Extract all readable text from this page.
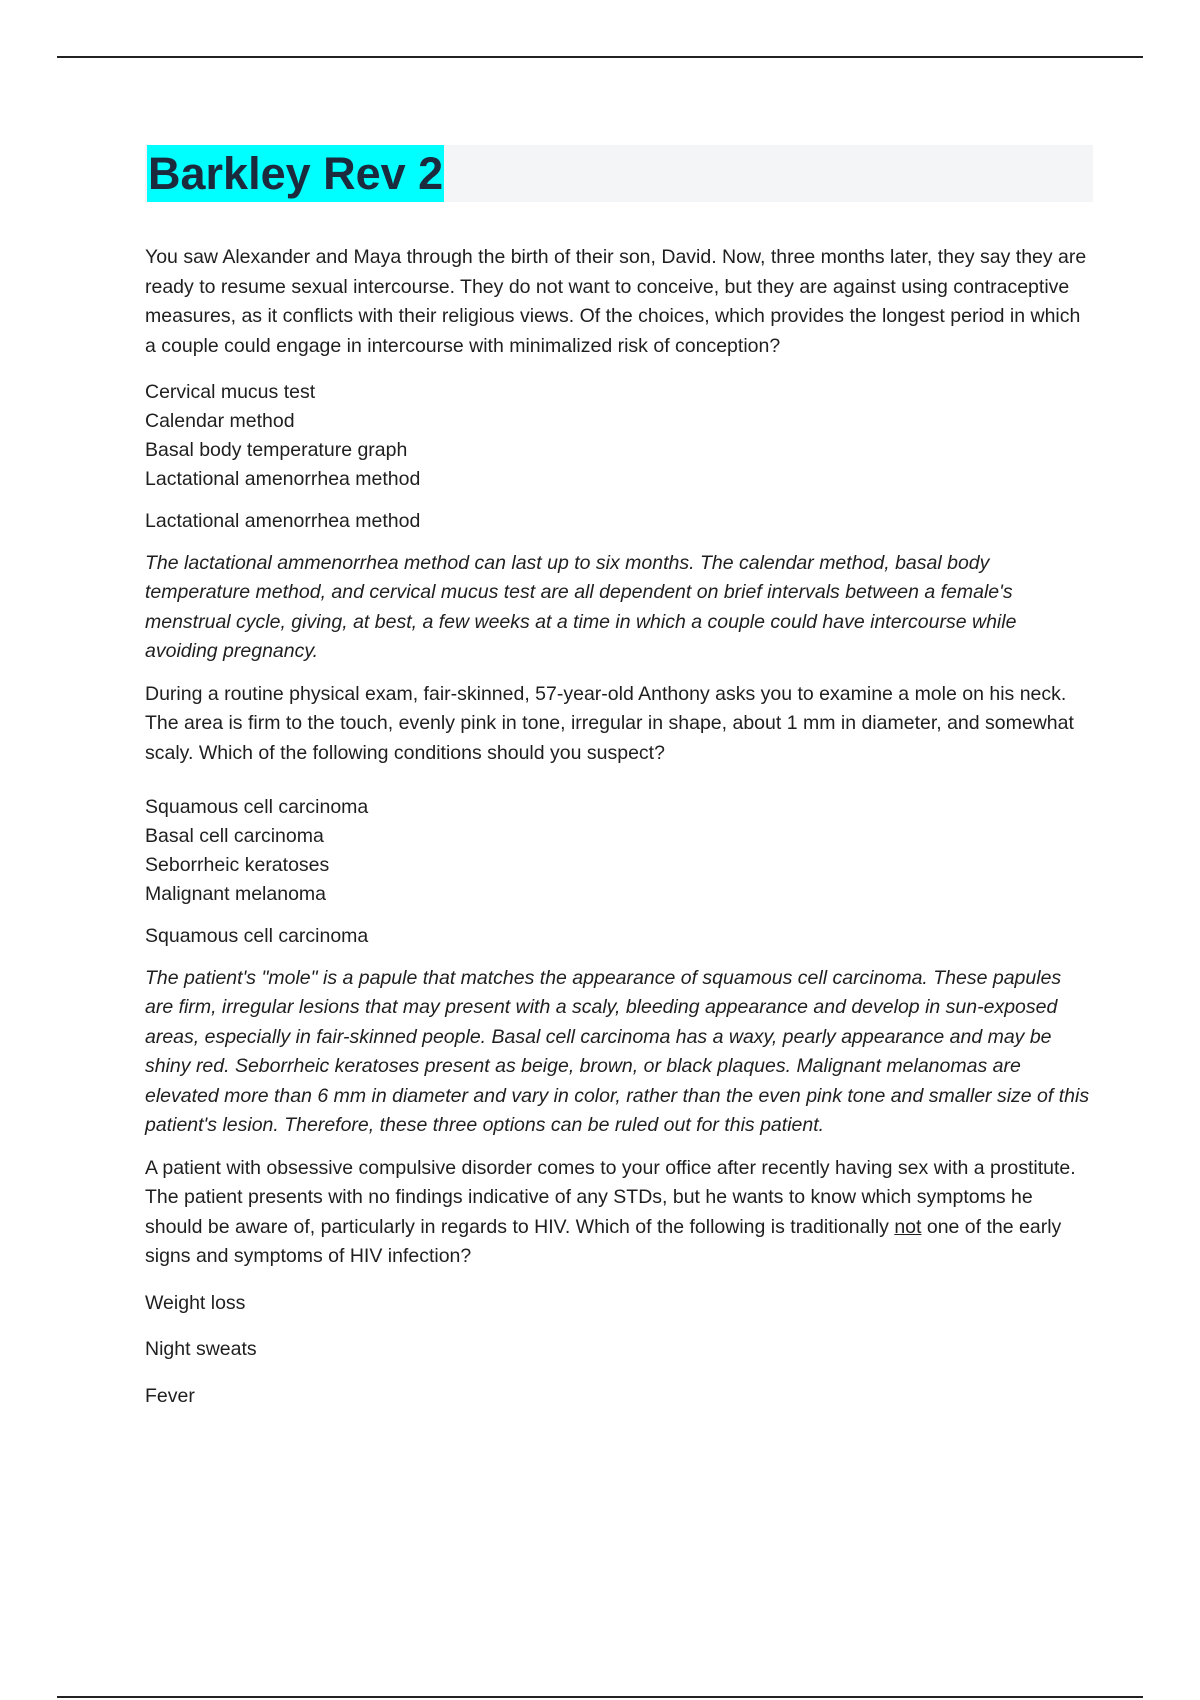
Barkley Rev 2

You saw Alexander and Maya through the birth of their son, David. Now, three months later, they say they are ready to resume sexual intercourse. They do not want to conceive, but they are against using contraceptive measures, as it conflicts with their religious views. Of the choices, which provides the longest period in which a couple could engage in intercourse with minimalized risk of conception?

Cervical mucus test
Calendar method
Basal body temperature graph
Lactational amenorrhea method

Lactational amenorrhea method

The lactational ammenorrhea method can last up to six months. The calendar method, basal body temperature method, and cervical mucus test are all dependent on brief intervals between a female's menstrual cycle, giving, at best, a few weeks at a time in which a couple could have intercourse while avoiding pregnancy.

During a routine physical exam, fair-skinned, 57-year-old Anthony asks you to examine a mole on his neck. The area is firm to the touch, evenly pink in tone, irregular in shape, about 1 mm in diameter, and somewhat scaly. Which of the following conditions should you suspect?

Squamous cell carcinoma
Basal cell carcinoma
Seborrheic keratoses
Malignant melanoma

Squamous cell carcinoma

The patient's "mole" is a papule that matches the appearance of squamous cell carcinoma. These papules are firm, irregular lesions that may present with a scaly, bleeding appearance and develop in sun-exposed areas, especially in fair-skinned people. Basal cell carcinoma has a waxy, pearly appearance and may be shiny red. Seborrheic keratoses present as beige, brown, or black plaques. Malignant melanomas are elevated more than 6 mm in diameter and vary in color, rather than the even pink tone and smaller size of this patient's lesion. Therefore, these three options can be ruled out for this patient.

A patient with obsessive compulsive disorder comes to your office after recently having sex with a prostitute. The patient presents with no findings indicative of any STDs, but he wants to know which symptoms he should be aware of, particularly in regards to HIV. Which of the following is traditionally not one of the early signs and symptoms of HIV infection?

Weight loss

Night sweats

Fever
